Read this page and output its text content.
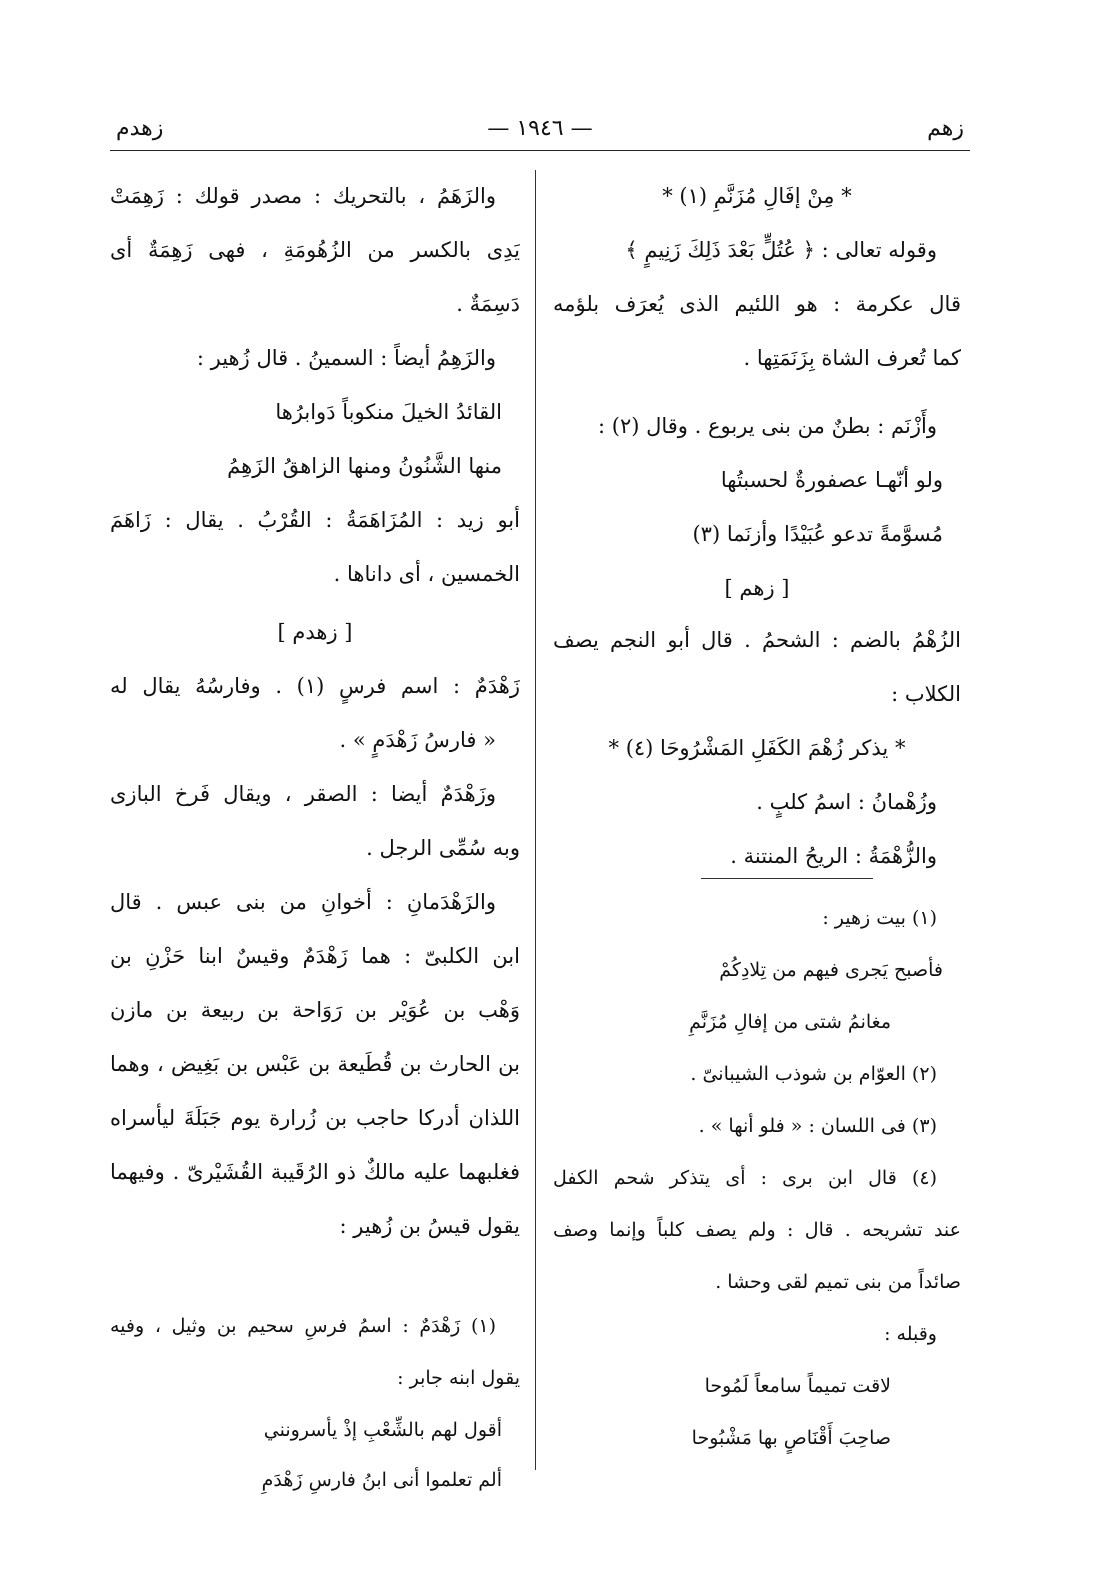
زهم
— ١٩٤٦ —
زهدم
* مِنْ إفَالِ مُزَنَّمِ (١) *
وقوله تعالى : ﴿ عُتُلٍّ بَعْدَ ذَلِكَ زَنِيمٍ ﴾
قال عكرمة : هو اللئيم الذى يُعرَف بلؤمه
كما تُعرف الشاة بِزَنَمَتِها .
وأَزْنَم : بطنٌ من بنى يربوع . وقال (٢) :
ولو أنّهـا عصفورةٌ لحسبتُها
مُسوَّمةً تدعو عُبَيْدًا وأزنَما (٣)
[ زهم ]
الزُهْمُ بالضم : الشحمُ . قال أبو النجم يصف
الكلاب :
* يذكر زُهْمَ الكَفَلِ المَشْرُوحَا (٤) *
وزُهْمانُ : اسمُ كلبٍ .
والزُّهْمَةُ : الريحُ المنتنة .
(١) بيت زهير :
فأصبح يَجرى فيهم من تِلادِكُمْ
مغانمُ شتى من إفالِ مُزَنَّمِ
(٢) العوّام بن شوذب الشيبانىّ .
(٣) فى اللسان : « فلو أنها » .
(٤) قال ابن برى : أى يتذكر شحم الكفل
عند تشريحه . قال : ولم يصف كلباً وإنما وصف
صائداً من بنى تميم لقى وحشا .
وقبله :
لاقت تميماً سامعاً لَمُوحا
صاحِبَ أَقْنَاصٍ بها مَشْبُوحا
والزَهَمُ ، بالتحريك : مصدر قولك : زَهِمَتْ
يَدِى بالكسر من الزُهُومَةِ ، فهى زَهِمَةٌ أى
دَسِمَةٌ .
والزَهِمُ أيضاً : السمينُ . قال زُهير :
القائدُ الخيلَ منكوباً دَوابرُها
منها الشَّنُونُ ومنها الزاهقُ الزَهِمُ
أبو زيد : المُزَاهَمَةُ : القُرْبُ . يقال : زَاهَمَ
الخمسين ، أى داناها .
[ زهدم ]
زَهْدَمٌ : اسم فرسٍ (١) . وفارسُهُ يقال له
« فارسُ زَهْدَمٍ » .
وزَهْدَمٌ أيضا : الصقر ، ويقال فَرخ البازى
وبه سُمِّى الرجل .
والزَهْدَمانِ : أخوانِ من بنى عبس . قال
ابن الكلبىّ : هما زَهْدَمٌ وقيسٌ ابنا حَزْنِ بن
وَهْب بن عُوَيْر بن رَوَاحة بن ربيعة بن مازن
بن الحارث بن قُطَيعة بن عَبْس بن بَغِيض ، وهما
اللذان أدركا حاجب بن زُرارة يوم جَبَلَةَ ليأسراه
فغلبهما عليه مالكٌ ذو الرُقَيبة القُشَيْرىّ . وفيهما
يقول قيسُ بن زُهير :
(١) زَهْدَمٌ : اسمُ فرسِ سحيم بن وثيل ، وفيه
يقول ابنه جابر :
أقول لهم بالشِّعْبِ إذْ يأسرونني
ألم تعلموا أنى ابنُ فارسِ زَهْدَمِ
